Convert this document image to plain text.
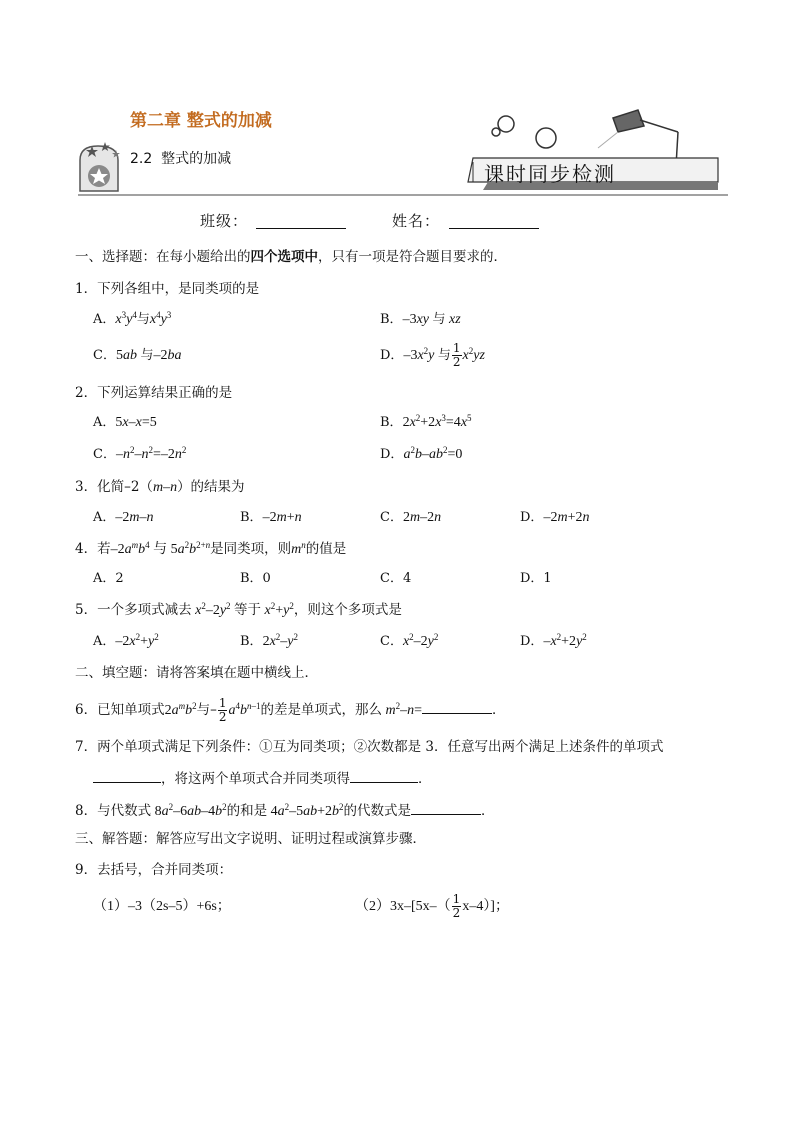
第二章 整式的加减
2.2 整式的加减
课时同步检测
班级：	姓名：
一、选择题：在每小题给出的四个选项中，只有一项是符合题目要求的．
1．下列各组中，是同类项的是
A．$x^3y^4$与$x^4y^3$	B．–3xy 与 xz
C．5ab 与–2ba	D．$-3x^2y$ 与 $\frac{1}{2} x^2yz$
2．下列运算结果正确的是
A．5x–x=5	B．$2x^2+2x^3=4x^5$
C．$-n^2-n^2=-2n^2$	D．$a^2b-ab^2=0$
3．化简–2（m–n）的结果为
A．–2m–n	B．–2m+n	C．2m–2n	D．–2m+2n
4．若$-2a^mb^4$ 与 $5a^2b^{2+n}$是同类项，则$m^n$的值是
A．2	B．0	C．4	D．1
5．一个多项式减去 $x^2-2y^2$ 等于 $x^2+y^2$，则这个多项式是
A．$-2x^2+y^2$	B．$2x^2-y^2$	C．$x^2-2y^2$	D．$-x^2+2y^2$
二、填空题：请将答案填在题中横线上．
6．已知单项式$2a^mb^2$与– $\frac{1}{2} a^4b^{n-1}$的差是单项式，那么 $m^2-n=$	．
7．两个单项式满足下列条件：①互为同类项；②次数都是 3．任意写出两个满足上述条件的单项式
，将这两个单项式合并同类项得	．
8．与代数式 $8a^2-6ab-4b^2$的和是 $4a^2-5ab+2b^2$的代数式是	．
三、解答题：解答应写出文字说明、证明过程或演算步骤．
9．去括号，合并同类项：
（1）–3（2s–5）+6s；	$(2)3x-[5x-( \frac{1}{2} x-4)]$；
